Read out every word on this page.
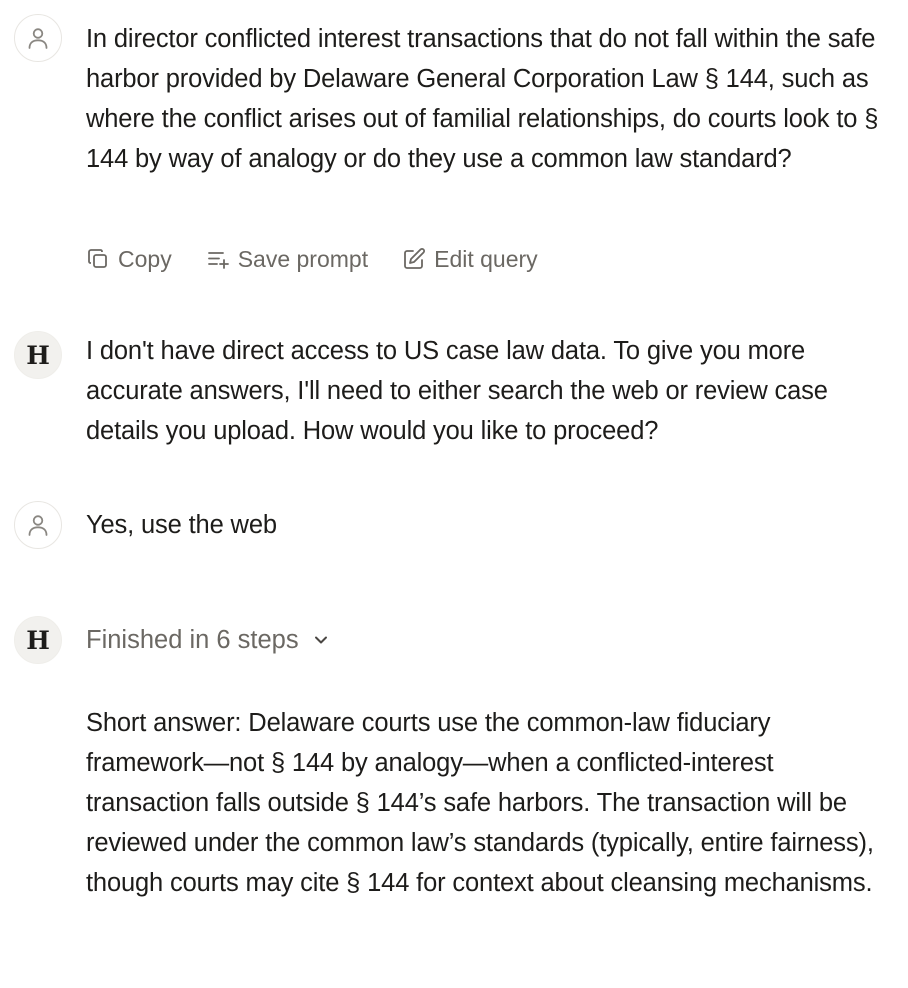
In director conflicted interest transactions that do not fall within the safe harbor provided by Delaware General Corporation Law § 144, such as where the conflict arises out of familial relationships, do courts look to § 144 by way of analogy or do they use a common law standard?

Copy	Save prompt	Edit query
H I don't have direct access to US case law data. To give you more accurate answers, I'll need to either search the web or review case details you upload. How would you like to proceed?

Yes, use the web

H Finished in 6 steps

Short answer: Delaware courts use the common-law fiduciary framework—not § 144 by analogy—when a conflicted-interest transaction falls outside § 144’s safe harbors. The transaction will be reviewed under the common law’s standards (typically, entire fairness), though courts may cite § 144 for context about cleansing mechanisms.
